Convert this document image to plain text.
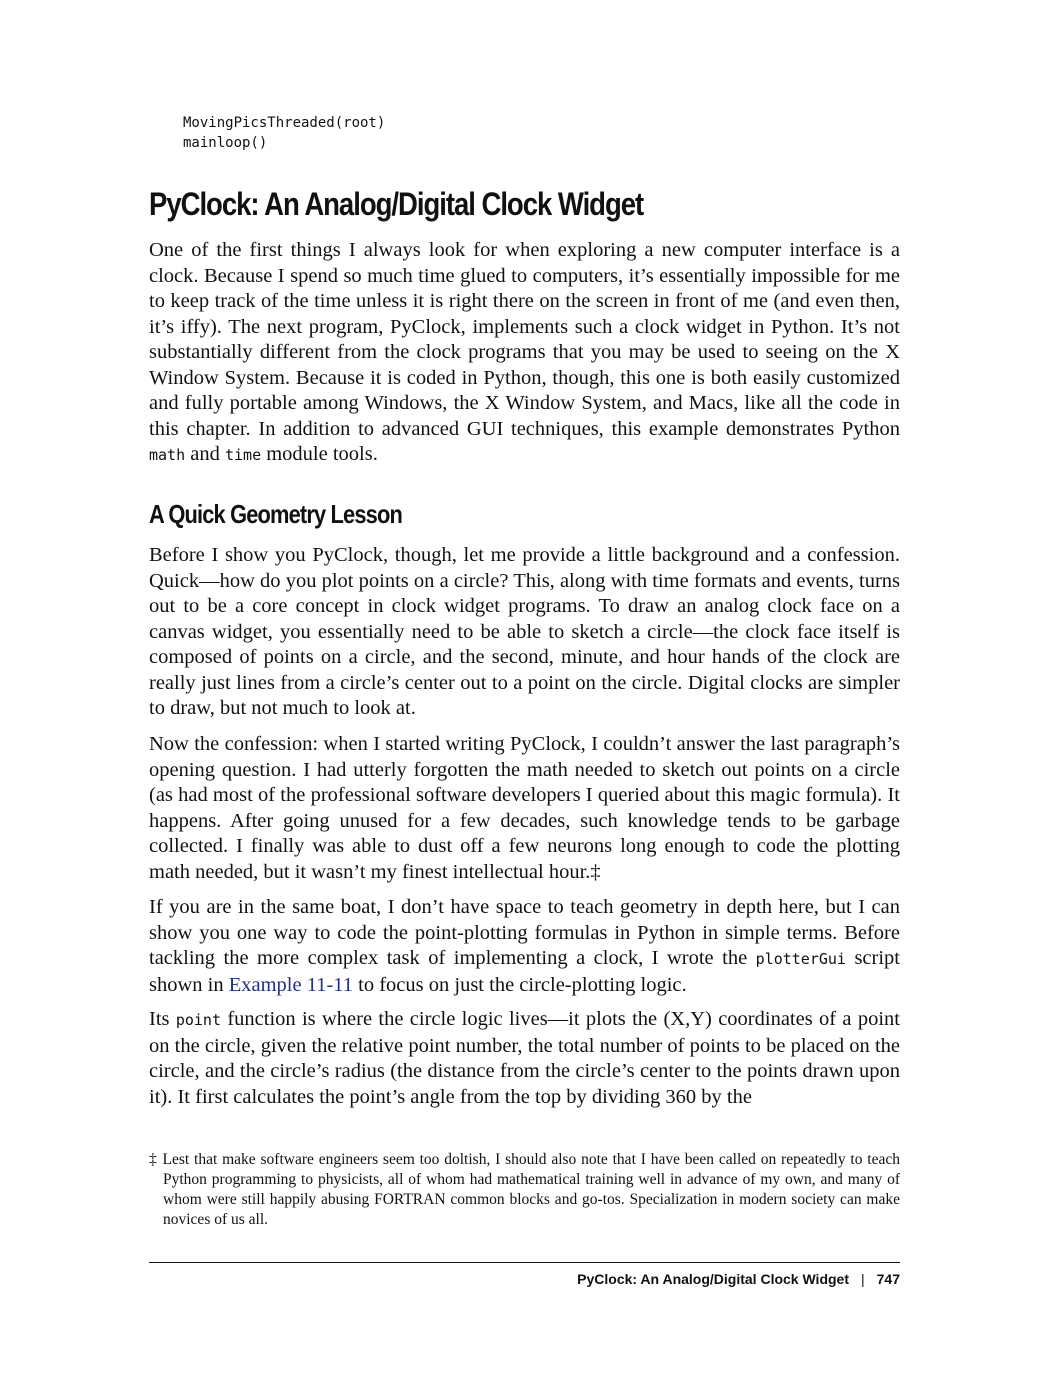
MovingPicsThreaded(root)
mainloop()
PyClock: An Analog/Digital Clock Widget

One of the first things I always look for when exploring a new computer interface is a clock. Because I spend so much time glued to computers, it’s essentially impossible for me to keep track of the time unless it is right there on the screen in front of me (and even then, it’s iffy). The next program, PyClock, implements such a clock widget in Python. It’s not substantially different from the clock programs that you may be used to seeing on the X Window System. Because it is coded in Python, though, this one is both easily customized and fully portable among Windows, the X Window System, and Macs, like all the code in this chapter. In addition to advanced GUI techniques, this example demonstrates Python math and time module tools.

A Quick Geometry Lesson

Before I show you PyClock, though, let me provide a little background and a confession. Quick—how do you plot points on a circle? This, along with time formats and events, turns out to be a core concept in clock widget programs. To draw an analog clock face on a canvas widget, you essentially need to be able to sketch a circle—the clock face itself is composed of points on a circle, and the second, minute, and hour hands of the clock are really just lines from a circle’s center out to a point on the circle. Digital clocks are simpler to draw, but not much to look at.

Now the confession: when I started writing PyClock, I couldn’t answer the last paragraph’s opening question. I had utterly forgotten the math needed to sketch out points on a circle (as had most of the professional software developers I queried about this magic formula). It happens. After going unused for a few decades, such knowledge tends to be garbage collected. I finally was able to dust off a few neurons long enough to code the plotting math needed, but it wasn’t my finest intellectual hour.‡

If you are in the same boat, I don’t have space to teach geometry in depth here, but I can show you one way to code the point-plotting formulas in Python in simple terms. Before tackling the more complex task of implementing a clock, I wrote the plotterGui script shown in Example 11-11 to focus on just the circle-plotting logic.

Its point function is where the circle logic lives—it plots the (X,Y) coordinates of a point on the circle, given the relative point number, the total number of points to be placed on the circle, and the circle’s radius (the distance from the circle’s center to the points drawn upon it). It first calculates the point’s angle from the top by dividing 360 by the

‡ Lest that make software engineers seem too doltish, I should also note that I have been called on repeatedly to teach Python programming to physicists, all of whom had mathematical training well in advance of my own, and many of whom were still happily abusing FORTRAN common blocks and go-tos. Specialization in modern society can make novices of us all.

PyClock: An Analog/Digital Clock Widget | 747
